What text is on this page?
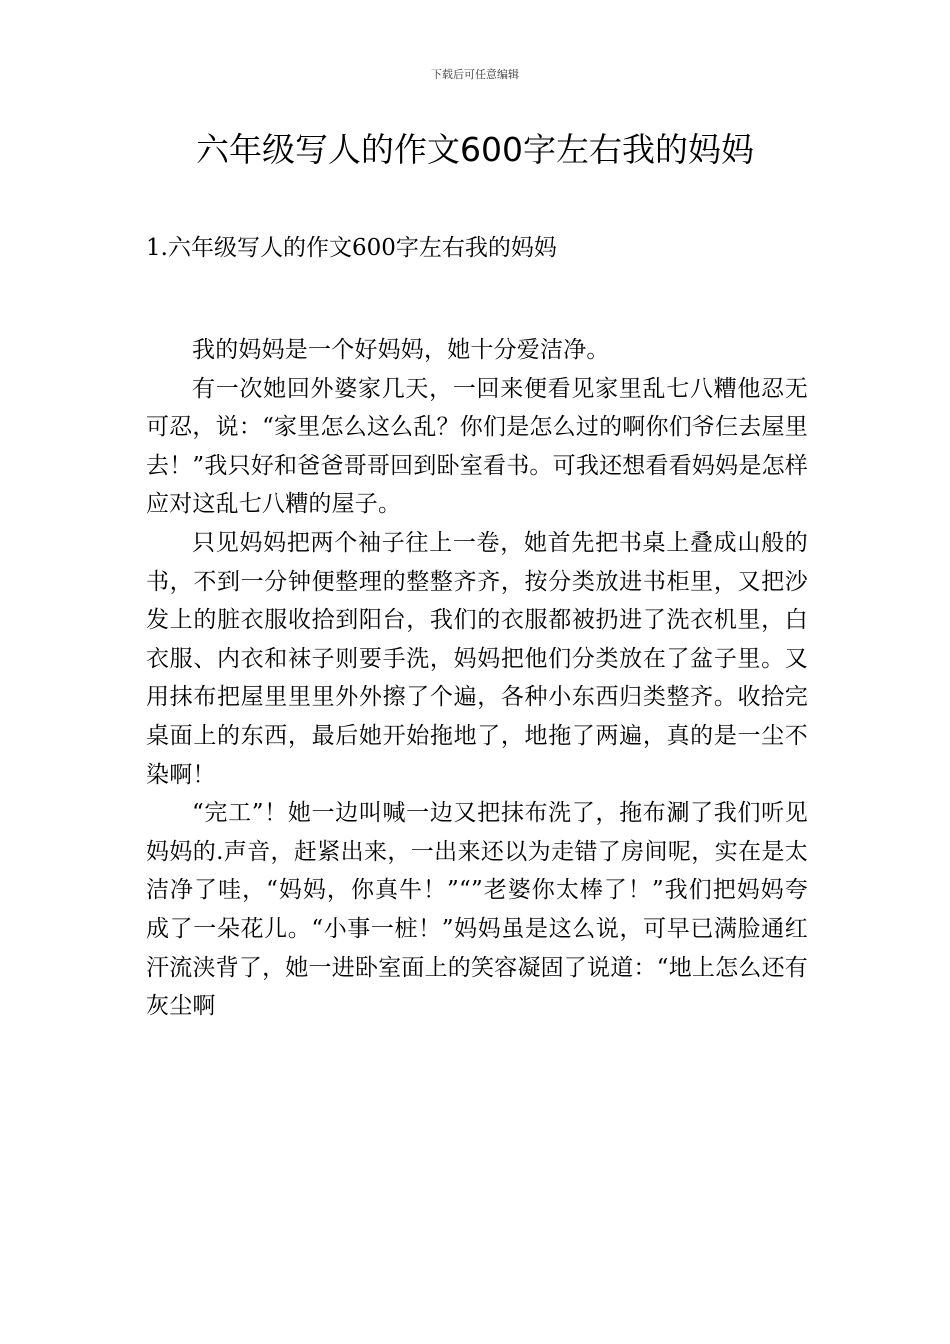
下载后可任意编辑
六年级写人的作文600字左右我的妈妈
1.六年级写人的作文600字左右我的妈妈

我的妈妈是一个好妈妈，她十分爱洁净。

有一次她回外婆家几天，一回来便看见家里乱七八糟他忍无可忍，说：“家里怎么这么乱？你们是怎么过的啊你们爷仨去屋里去！”我只好和爸爸哥哥回到卧室看书。可我还想看看妈妈是怎样应对这乱七八糟的屋子。

只见妈妈把两个袖子往上一卷，她首先把书桌上叠成山般的书，不到一分钟便整理的整整齐齐，按分类放进书柜里，又把沙发上的脏衣服收拾到阳台，我们的衣服都被扔进了洗衣机里，白衣服、内衣和袜子则要手洗，妈妈把他们分类放在了盆子里。又用抹布把屋里里里外外擦了个遍，各种小东西归类整齐。收拾完桌面上的东西，最后她开始拖地了，地拖了两遍，真的是一尘不染啊！

“完工”！她一边叫喊一边又把抹布洗了，拖布涮了我们听见妈妈的.声音，赶紧出来，一出来还以为走错了房间呢，实在是太洁净了哇，“妈妈，你真牛！”“”老婆你太棒了！”我们把妈妈夸成了一朵花儿。“小事一桩！”妈妈虽是这么说，可早已满脸通红汗流浃背了，她一进卧室面上的笑容凝固了说道：“地上怎么还有灰尘啊
